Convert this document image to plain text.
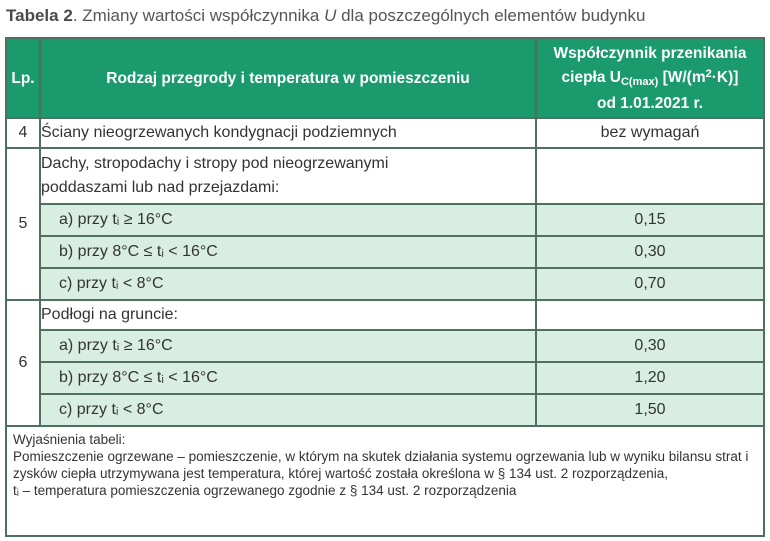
Tabela 2. Zmiany wartości współczynnika U dla poszczególnych elementów budynku
Lp.	Rodzaj przegrody i temperatura w pomieszczeniu	Współczynnik przenikania
ciepła $U_{C(max)}$ $[W/(m^2\cdot K)]$
od 1.01.2021 r.
4	Ściany nieogrzewanych kondygnacji podziemnych	bez wymagań
5	Dachy, stropodachy i stropy pod nieogrzewanymi
poddaszami lub nad przejazdami:	

	a) przy tᵢ ≥ 16°C	0,15
	b) przy 8°C ≤ tᵢ < 16°C	0,30
	c) przy tᵢ < 8°C	0,70
6	Podłogi na gruncie:	
	a) przy tᵢ ≥ 16°C	0,30
	b) przy 8°C ≤ tᵢ < 16°C	1,20
	c) przy tᵢ < 8°C	1,50

Wyjaśnienia tabeli:
Pomieszczenie ogrzewane – pomieszczenie, w którym na skutek działania systemu ogrzewania lub w wyniku bilansu strat i zysków ciepła utrzymywana jest temperatura, której wartość została określona w § 134 ust. 2 rozporządzenia,
tᵢ – temperatura pomieszczenia ogrzewanego zgodnie z § 134 ust. 2 rozporządzenia		
